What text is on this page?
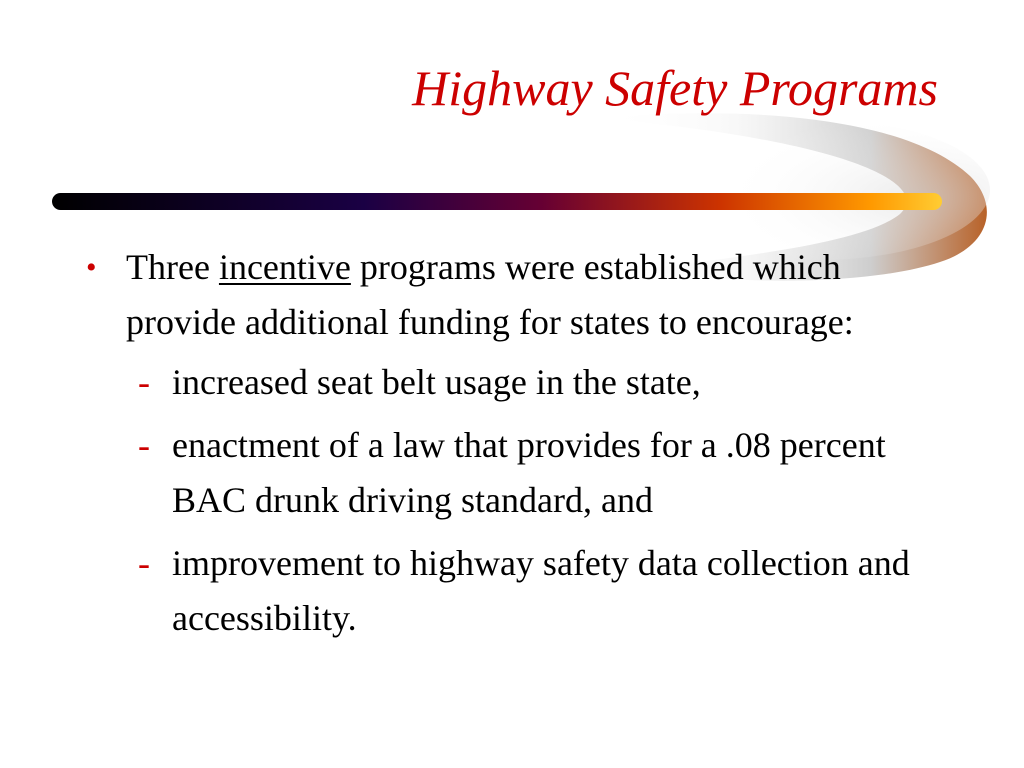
Highway Safety Programs
• Three incentive programs were established which provide additional funding for states to encourage:
- increased seat belt usage in the state,
- enactment of a law that provides for a .08 percent BAC drunk driving standard, and
- improvement to highway safety data collection and accessibility.
